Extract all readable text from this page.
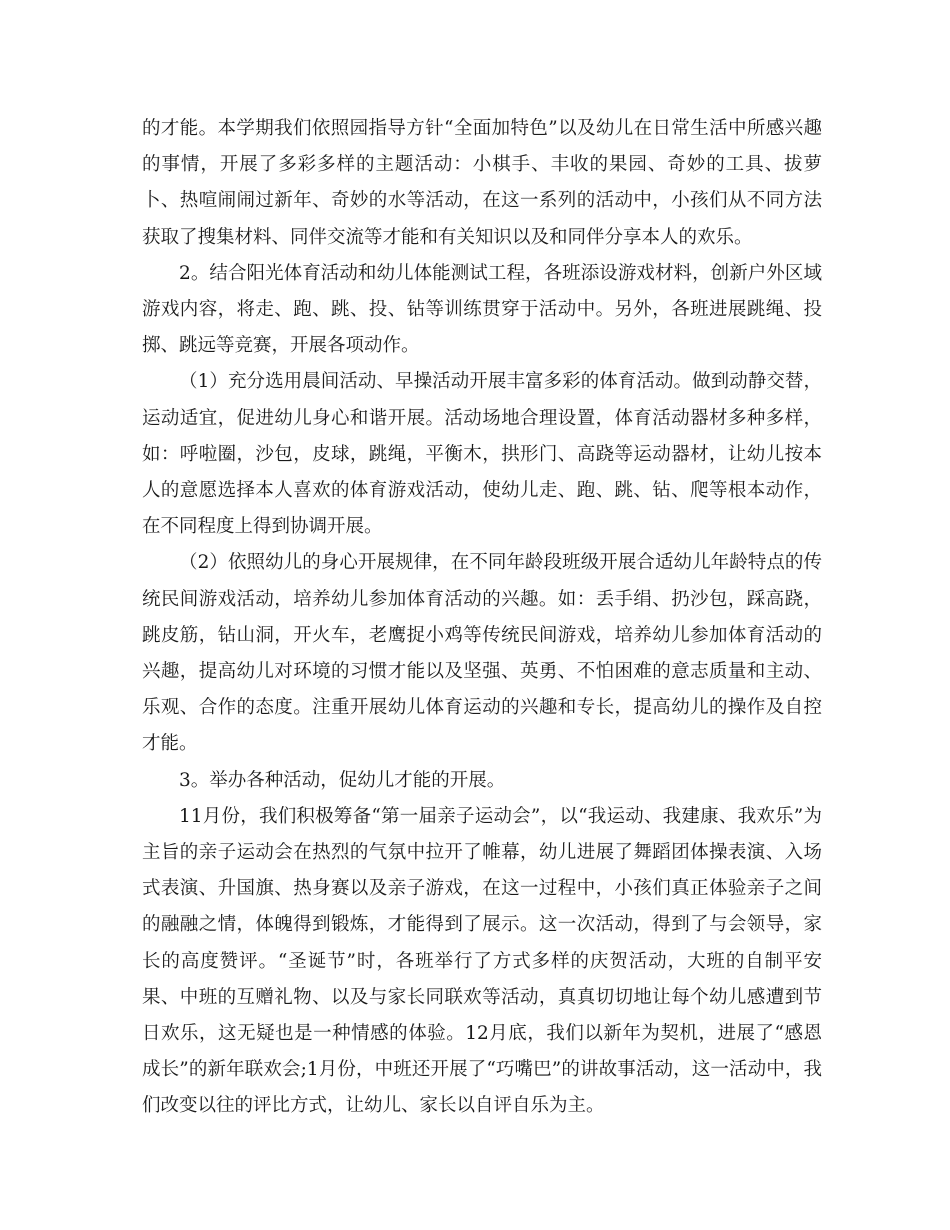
的才能。本学期我们依照园指导方针“全面加特色”以及幼儿在日常生活中所感兴趣的事情，开展了多彩多样的主题活动：小棋手、丰收的果园、奇妙的工具、拔萝卜、热喧闹闹过新年、奇妙的水等活动，在这一系列的活动中，小孩们从不同方法获取了搜集材料、同伴交流等才能和有关知识以及和同伴分享本人的欢乐。

2。结合阳光体育活动和幼儿体能测试工程，各班添设游戏材料，创新户外区域游戏内容，将走、跑、跳、投、钻等训练贯穿于活动中。另外，各班进展跳绳、投掷、跳远等竞赛，开展各项动作。

（1）充分选用晨间活动、早操活动开展丰富多彩的体育活动。做到动静交替，运动适宜，促进幼儿身心和谐开展。活动场地合理设置，体育活动器材多种多样，如：呼啦圈，沙包，皮球，跳绳，平衡木，拱形门、高跷等运动器材，让幼儿按本人的意愿选择本人喜欢的体育游戏活动，使幼儿走、跑、跳、钻、爬等根本动作，在不同程度上得到协调开展。

（2）依照幼儿的身心开展规律，在不同年龄段班级开展合适幼儿年龄特点的传统民间游戏活动，培养幼儿参加体育活动的兴趣。如：丢手绢、扔沙包，踩高跷，跳皮筋，钻山洞，开火车，老鹰捉小鸡等传统民间游戏，培养幼儿参加体育活动的兴趣，提高幼儿对环境的习惯才能以及坚强、英勇、不怕困难的意志质量和主动、乐观、合作的态度。注重开展幼儿体育运动的兴趣和专长，提高幼儿的操作及自控才能。

3。举办各种活动，促幼儿才能的开展。

11月份，我们积极筹备“第一届亲子运动会”，以“我运动、我建康、我欢乐”为主旨的亲子运动会在热烈的气氛中拉开了帷幕，幼儿进展了舞蹈团体操表演、入场式表演、升国旗、热身赛以及亲子游戏，在这一过程中，小孩们真正体验亲子之间的融融之情，体魄得到锻炼，才能得到了展示。这一次活动，得到了与会领导，家长的高度赞评。“圣诞节”时，各班举行了方式多样的庆贺活动，大班的自制平安果、中班的互赠礼物、以及与家长同联欢等活动，真真切切地让每个幼儿感遭到节日欢乐，这无疑也是一种情感的体验。12月底，我们以新年为契机，进展了“感恩成长”的新年联欢会;1月份，中班还开展了“巧嘴巴”的讲故事活动，这一活动中，我们改变以往的评比方式，让幼儿、家长以自评自乐为主。
